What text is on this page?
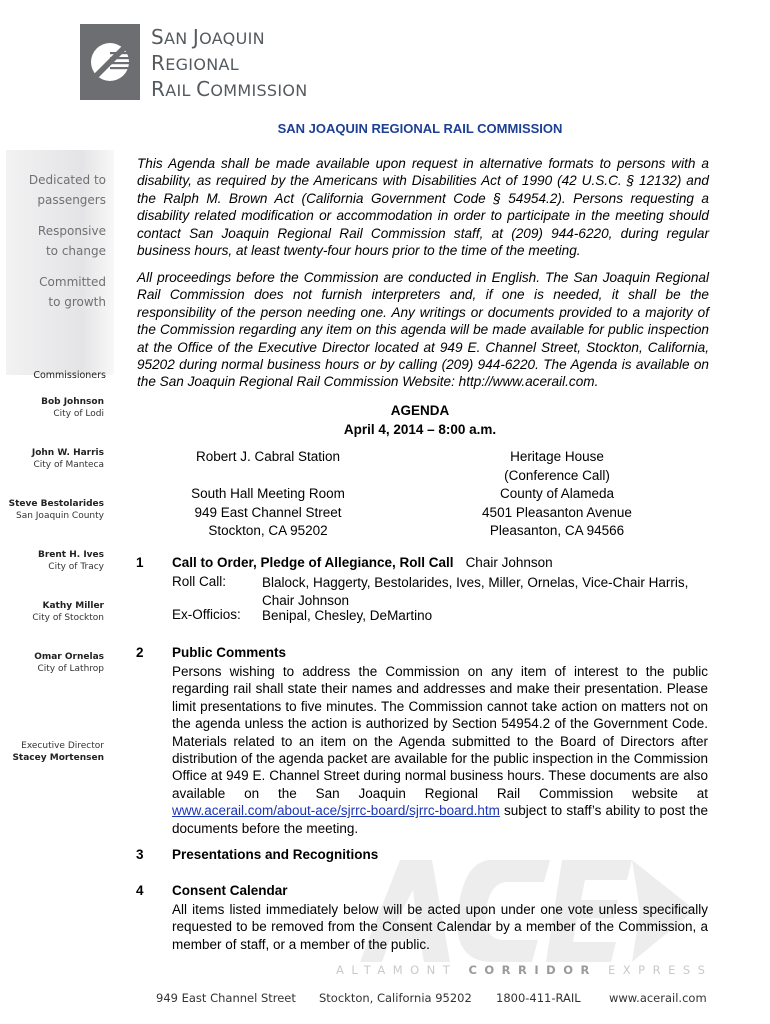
SAN JOAQUIN
REGIONAL
RAIL COMMISSION
Dedicated to
passengers
Responsive
to change
Committed
to growth
Commissioners
Bob Johnson
City of Lodi
John W. Harris
City of Manteca
Steve Bestolarides
San Joaquin County
Brent H. Ives
City of Tracy
Kathy Miller
City of Stockton
Omar Ornelas
City of Lathrop
Executive Director
Stacey Mortensen
SAN JOAQUIN REGIONAL RAIL COMMISSION
This Agenda shall be made available upon request in alternative formats to persons with a disability, as required by the Americans with Disabilities Act of 1990 (42 U.S.C. § 12132) and the Ralph M. Brown Act (California Government Code § 54954.2). Persons requesting a disability related modification or accommodation in order to participate in the meeting should contact San Joaquin Regional Rail Commission staff, at (209) 944-6220, during regular business hours, at least twenty-four hours prior to the time of the meeting.
All proceedings before the Commission are conducted in English. The San Joaquin Regional Rail Commission does not furnish interpreters and, if one is needed, it shall be the responsibility of the person needing one. Any writings or documents provided to a majority of the Commission regarding any item on this agenda will be made available for public inspection at the Office of the Executive Director located at 949 E. Channel Street, Stockton, California, 95202 during normal business hours or by calling (209) 944-6220. The Agenda is available on the San Joaquin Regional Rail Commission Website: http://www.acerail.com.
AGENDA
April 4, 2014 – 8:00 a.m.
Robert J. Cabral Station

South Hall Meeting Room
949 East Channel Street
Stockton, CA 95202
Heritage House
(Conference Call)
County of Alameda
4501 Pleasanton Avenue
Pleasanton, CA 94566
1 Call to Order, Pledge of Allegiance, Roll Call Chair Johnson
Roll Call:	Blalock, Haggerty, Bestolarides, Ives, Miller, Ornelas, Vice-Chair Harris, Chair Johnson
Ex-Officios: Benipal, Chesley, DeMartino
2 Public Comments
Persons wishing to address the Commission on any item of interest to the public regarding rail shall state their names and addresses and make their presentation. Please limit presentations to five minutes. The Commission cannot take action on matters not on the agenda unless the action is authorized by Section 54954.2 of the Government Code. Materials related to an item on the Agenda submitted to the Board of Directors after distribution of the agenda packet are available for the public inspection in the Commission Office at 949 E. Channel Street during normal business hours. These documents are also available on the San Joaquin Regional Rail Commission website at www.acerail.com/about-ace/sjrrc-board/sjrrc-board.htm subject to staff’s ability to post the documents before the meeting.
3 Presentations and Recognitions
4 Consent Calendar
All items listed immediately below will be acted upon under one vote unless specifically requested to be removed from the Consent Calendar by a member of the Commission, a member of staff, or a member of the public.
ALTAMONT CORRIDOR EXPRESS
949 East Channel Street Stockton, California 95202 1800-411-RAIL www.acerail.com
